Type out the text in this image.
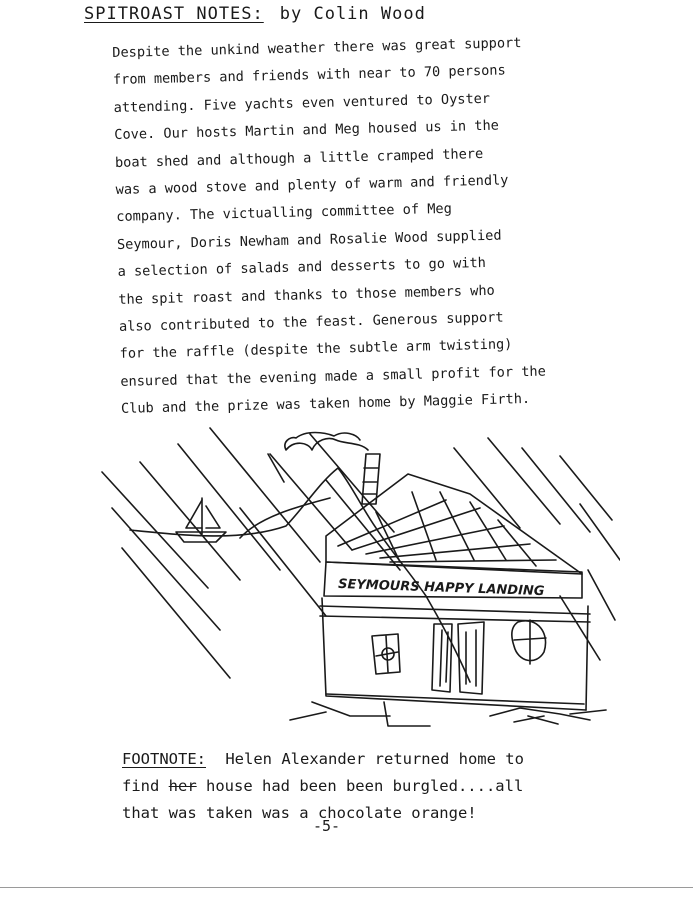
SPITROAST NOTES: by Colin Wood
Despite the unkind weather there was great support
from members and friends with near to 70 persons
attending. Five yachts even ventured to Oyster
Cove. Our hosts Martin and Meg housed us in the
boat shed and although a little cramped there
was a wood stove and plenty of warm and friendly
company. The victualling committee of Meg
Seymour, Doris Newham and Rosalie Wood supplied
a selection of salads and desserts to go with
the spit roast and thanks to those members who
also contributed to the feast. Generous support
for the raffle (despite the subtle arm twisting)
ensured that the evening made a small profit for the
Club and the prize was taken home by Maggie Firth.
SEYMOURS HAPPY LANDING
FOOTNOTE: Helen Alexander returned home to
find her house had been been burgled....all
that was taken was a chocolate orange!
-5-
